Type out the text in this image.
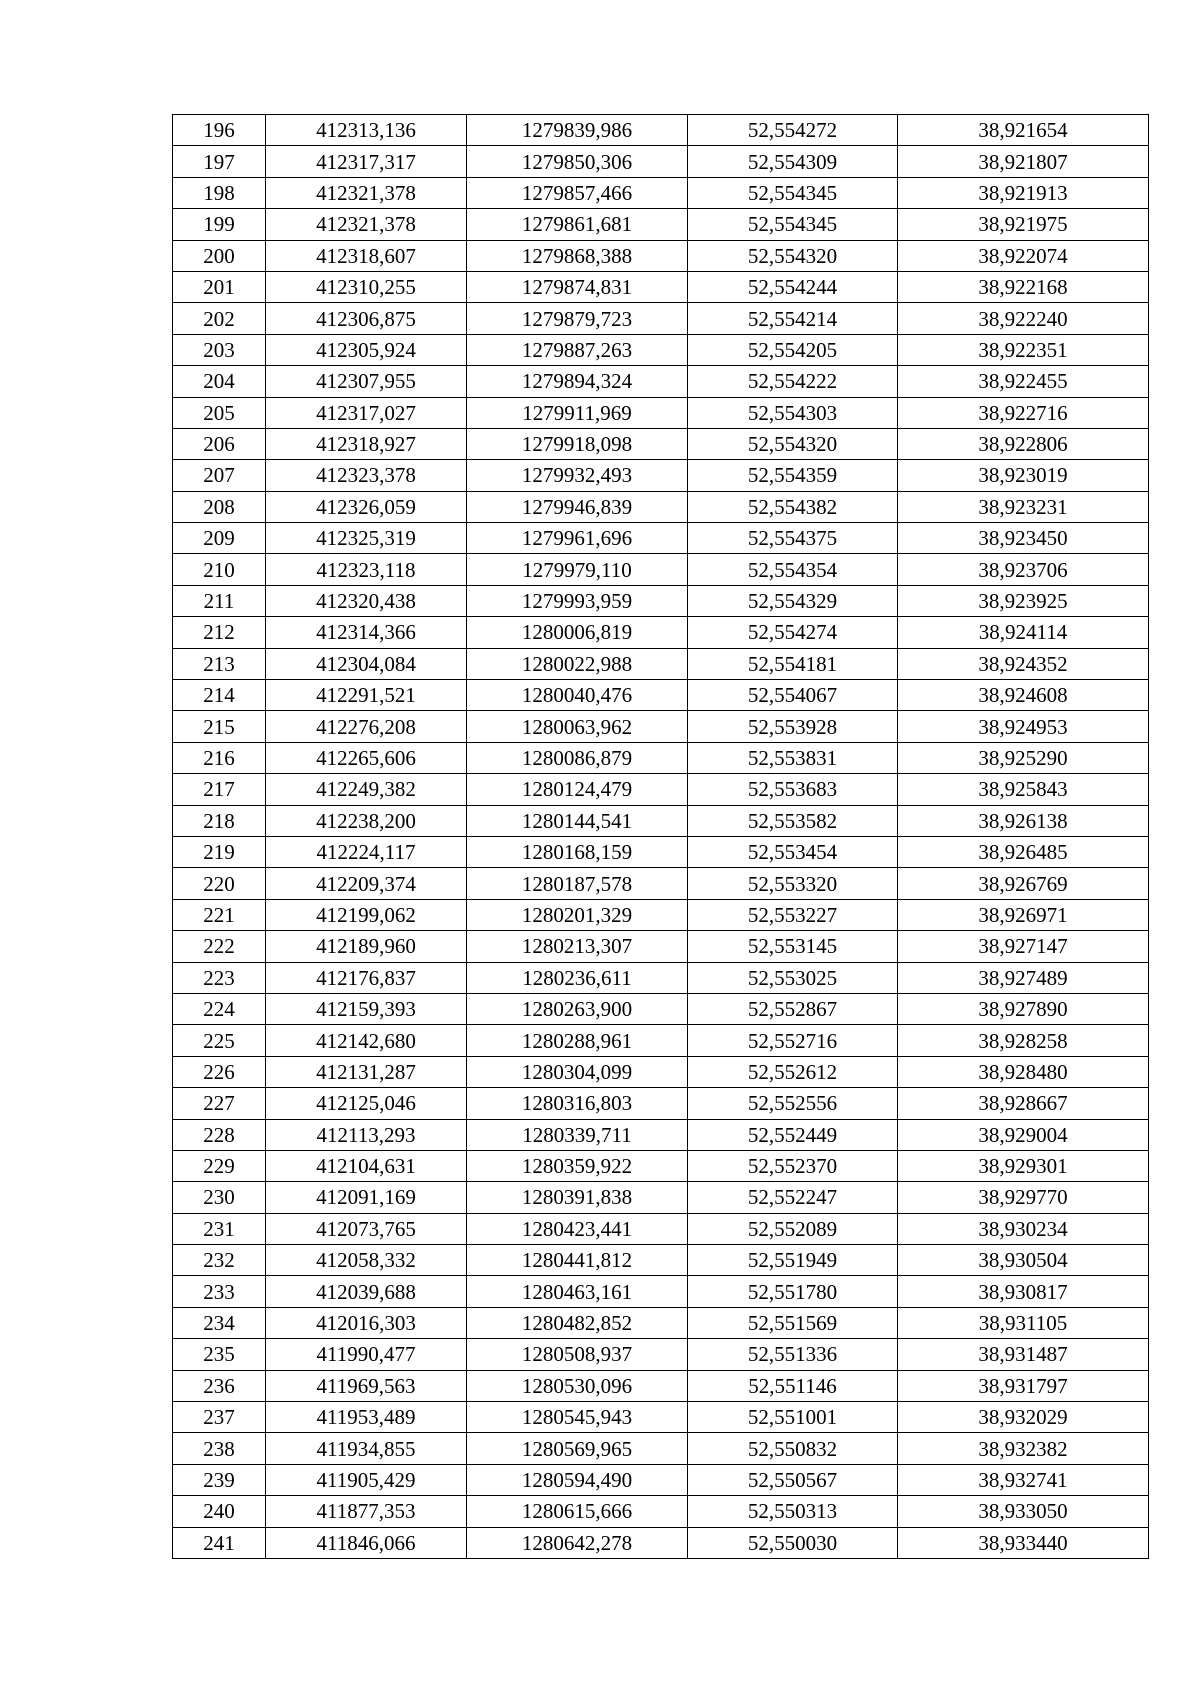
196	412313,136	1279839,986	52,554272	38,921654
197	412317,317	1279850,306	52,554309	38,921807
198	412321,378	1279857,466	52,554345	38,921913
199	412321,378	1279861,681	52,554345	38,921975
200	412318,607	1279868,388	52,554320	38,922074
201	412310,255	1279874,831	52,554244	38,922168
202	412306,875	1279879,723	52,554214	38,922240
203	412305,924	1279887,263	52,554205	38,922351
204	412307,955	1279894,324	52,554222	38,922455
205	412317,027	1279911,969	52,554303	38,922716
206	412318,927	1279918,098	52,554320	38,922806
207	412323,378	1279932,493	52,554359	38,923019
208	412326,059	1279946,839	52,554382	38,923231
209	412325,319	1279961,696	52,554375	38,923450
210	412323,118	1279979,110	52,554354	38,923706
211	412320,438	1279993,959	52,554329	38,923925
212	412314,366	1280006,819	52,554274	38,924114
213	412304,084	1280022,988	52,554181	38,924352
214	412291,521	1280040,476	52,554067	38,924608
215	412276,208	1280063,962	52,553928	38,924953
216	412265,606	1280086,879	52,553831	38,925290
217	412249,382	1280124,479	52,553683	38,925843
218	412238,200	1280144,541	52,553582	38,926138
219	412224,117	1280168,159	52,553454	38,926485
220	412209,374	1280187,578	52,553320	38,926769
221	412199,062	1280201,329	52,553227	38,926971
222	412189,960	1280213,307	52,553145	38,927147
223	412176,837	1280236,611	52,553025	38,927489
224	412159,393	1280263,900	52,552867	38,927890
225	412142,680	1280288,961	52,552716	38,928258
226	412131,287	1280304,099	52,552612	38,928480
227	412125,046	1280316,803	52,552556	38,928667
228	412113,293	1280339,711	52,552449	38,929004
229	412104,631	1280359,922	52,552370	38,929301
230	412091,169	1280391,838	52,552247	38,929770
231	412073,765	1280423,441	52,552089	38,930234
232	412058,332	1280441,812	52,551949	38,930504
233	412039,688	1280463,161	52,551780	38,930817
234	412016,303	1280482,852	52,551569	38,931105
235	411990,477	1280508,937	52,551336	38,931487
236	411969,563	1280530,096	52,551146	38,931797
237	411953,489	1280545,943	52,551001	38,932029
238	411934,855	1280569,965	52,550832	38,932382
239	411905,429	1280594,490	52,550567	38,932741
240	411877,353	1280615,666	52,550313	38,933050
241	411846,066	1280642,278	52,550030	38,933440
